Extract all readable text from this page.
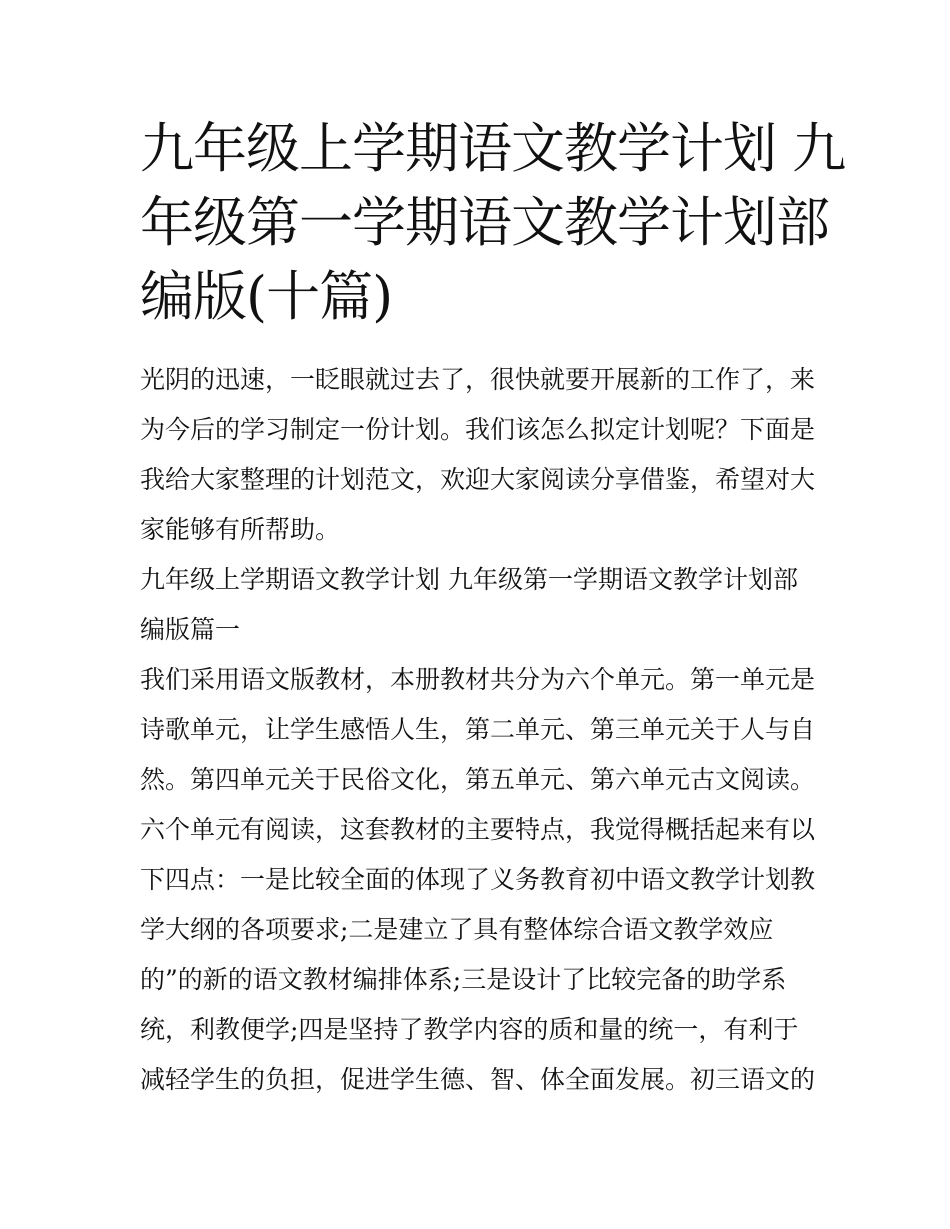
九年级上学期语文教学计划 九
年级第一学期语文教学计划部
编版(十篇)
光阴的迅速，一眨眼就过去了，很快就要开展新的工作了，来
为今后的学习制定一份计划。我们该怎么拟定计划呢？下面是
我给大家整理的计划范文，欢迎大家阅读分享借鉴，希望对大
家能够有所帮助。
九年级上学期语文教学计划 九年级第一学期语文教学计划部
编版篇一
我们采用语文版教材，本册教材共分为六个单元。第一单元是
诗歌单元，让学生感悟人生，第二单元、第三单元关于人与自
然。第四单元关于民俗文化，第五单元、第六单元古文阅读。
六个单元有阅读，这套教材的主要特点，我觉得概括起来有以
下四点：一是比较全面的体现了义务教育初中语文教学计划教
学大纲的各项要求;二是建立了具有整体综合语文教学效应
的”的新的语文教材编排体系;三是设计了比较完备的助学系
统，利教便学;四是坚持了教学内容的质和量的统一，有利于
减轻学生的负担，促进学生德、智、体全面发展。初三语文的
